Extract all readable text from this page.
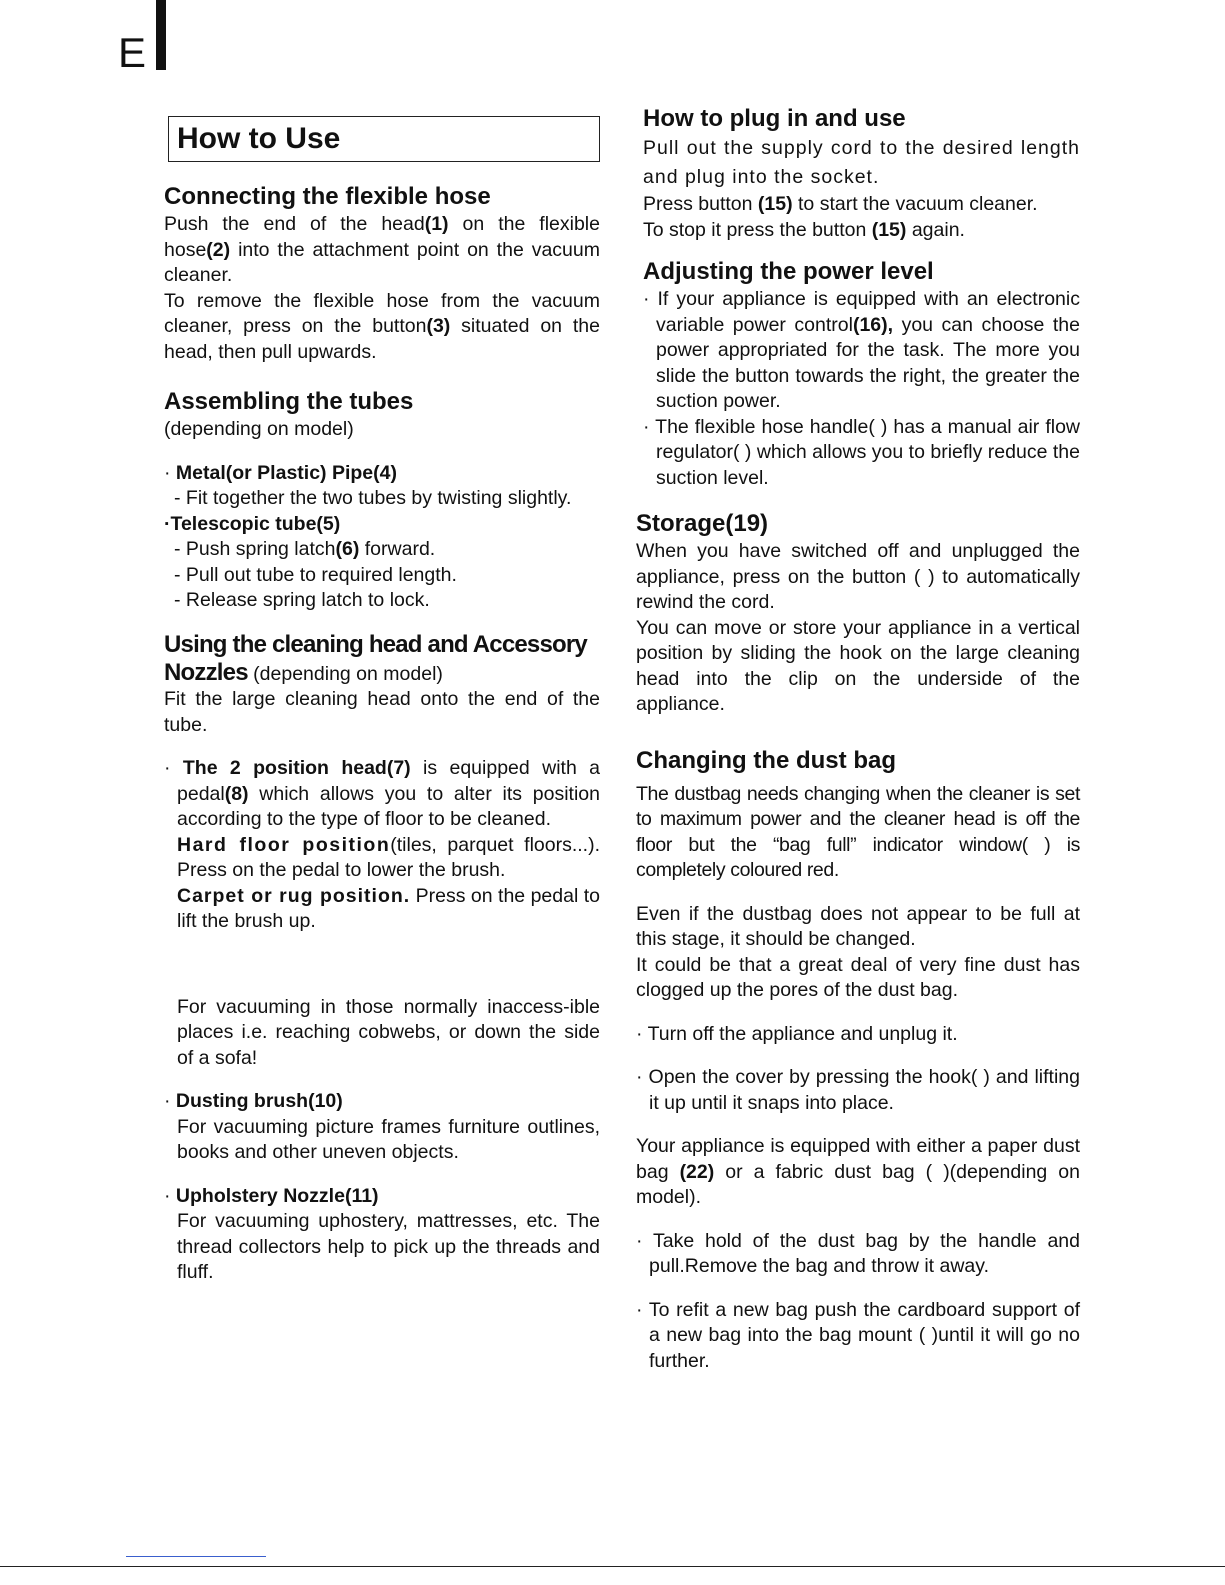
E
How to Use
Connecting the flexible hose

Push the end of the head(1) on the flexible hose(2) into the attachment point on the vacuum cleaner.

To remove the flexible hose from the vacuum cleaner, press on the button(3) situated on the head, then pull upwards.

Assembling the tubes
(depending on model)
· Metal(or Plastic) Pipe(4)
- Fit together the two tubes by twisting slightly.
·Telescopic tube(5)
- Push spring latch(6) forward.
- Pull out tube to required length.
- Release spring latch to lock.
Using the cleaning head and Accessory
Nozzles (depending on model)

Fit the large cleaning head onto the end of the tube.

· The 2 position head(7) is equipped with a pedal(8) which allows you to alter its position according to the type of floor to be cleaned.
Hard floor position(tiles, parquet floors...). Press on the pedal to lower the brush.
Carpet or rug position. Press on the pedal to lift the brush up.
For vacuuming in those normally inaccess-ible places i.e. reaching cobwebs, or down the side of a sofa!
· Dusting brush(10)
For vacuuming picture frames furniture outlines, books and other uneven objects.
· Upholstery Nozzle(11)
For vacuuming uphostery, mattresses, etc. The thread collectors help to pick up the threads and fluff.
How to plug in and use

Pull out the supply cord to the desired length and plug into the socket.

Press button (15) to start the vacuum cleaner.

To stop it press the button (15) again.

Adjusting the power level
· If your appliance is equipped with an electronic variable power control(16), you can choose the power appropriated for the task. The more you slide the button towards the right, the greater the suction power.
· The flexible hose handle( ) has a manual air flow regulator( ) which allows you to briefly reduce the suction level.
Storage(19)

When you have switched off and unplugged the appliance, press on the button ( ) to automatically rewind the cord.

You can move or store your appliance in a vertical position by sliding the hook on the large cleaning head into the clip on the underside of the appliance.

Changing the dust bag

The dustbag needs changing when the cleaner is set to maximum power and the cleaner head is off the floor but the “bag full” indicator window( ) is completely coloured red.

Even if the dustbag does not appear to be full at this stage, it should be changed.

It could be that a great deal of very fine dust has clogged up the pores of the dust bag.

· Turn off the appliance and unplug it.
· Open the cover by pressing the hook( ) and lifting it up until it snaps into place.

Your appliance is equipped with either a paper dust bag (22) or a fabric dust bag ( )(depending on model).

· Take hold of the dust bag by the handle and pull.Remove the bag and throw it away.
· To refit a new bag push the cardboard support of a new bag into the bag mount ( )until it will go no further.
